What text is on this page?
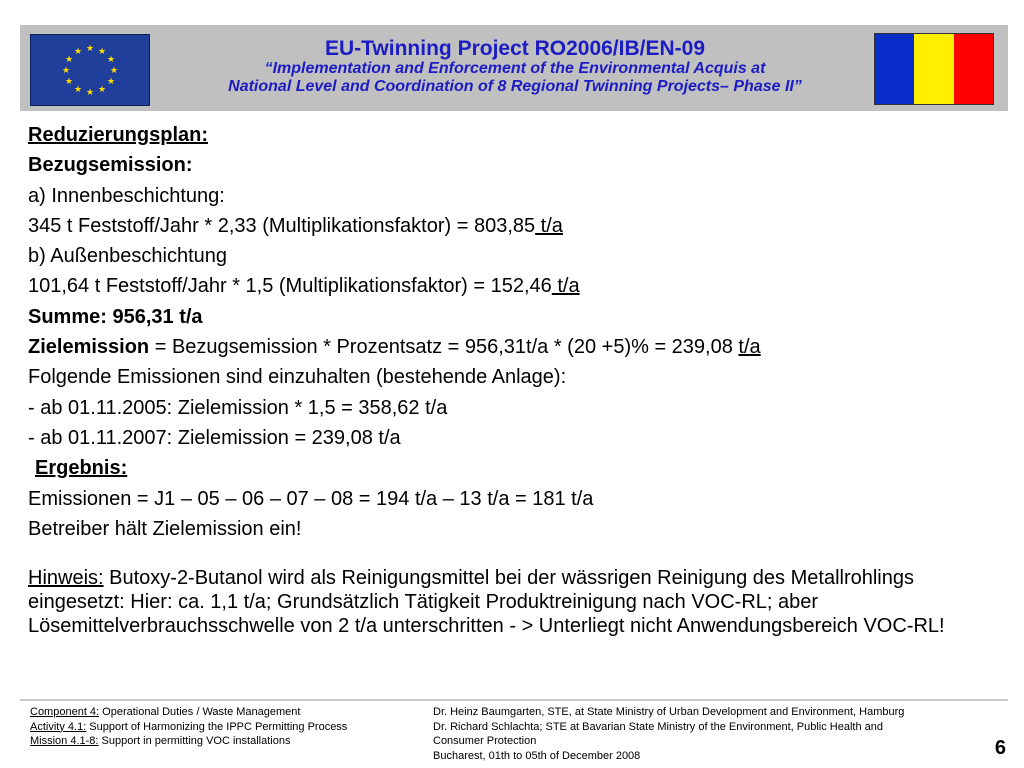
★ ★
★
★
★
★
★
★
★
★
★
★	EU-Twinning Project RO2006/IB/EN-09
“Implementation and Enforcement of the Environmental Acquis at
National Level and Coordination of 8 Regional Twinning Projects– Phase II”
Reduzierungsplan:
Bezugsemission:
a) Innenbeschichtung:
345 t Feststoff/Jahr * 2,33 (Multiplikationsfaktor) = 803,85 t/a
b) Außenbeschichtung
101,64 t Feststoff/Jahr * 1,5 (Multiplikationsfaktor) = 152,46 t/a
Summe: 956,31 t/a
Zielemission = Bezugsemission * Prozentsatz = 956,31t/a * (20 +5)% = 239,08 t/a
Folgende Emissionen sind einzuhalten (bestehende Anlage):
- ab 01.11.2005: Zielemission * 1,5 = 358,62 t/a
- ab 01.11.2007: Zielemission = 239,08 t/a
Ergebnis:
Emissionen = J1 – 05 – 06 – 07 – 08 = 194 t/a – 13 t/a = 181 t/a
Betreiber hält Zielemission ein!
Hinweis: Butoxy-2-Butanol wird als Reinigungsmittel bei der wässrigen Reinigung des Metallrohlings eingesetzt: Hier: ca. 1,1 t/a; Grundsätzlich Tätigkeit Produktreinigung nach VOC-RL; aber Lösemittelverbrauchsschwelle von 2 t/a unterschritten - > Unterliegt nicht Anwendungsbereich VOC-RL!
Component 4: Operational Duties / Waste Management
Activity 4.1: Support of Harmonizing the IPPC Permitting Process
Mission 4.1-8: Support in permitting VOC installations
Dr. Heinz Baumgarten, STE, at State Ministry of Urban Development and Environment, Hamburg
Dr. Richard Schlachta; STE at Bavarian State Ministry of the Environment, Public Health and
Consumer Protection
Bucharest, 01th to 05th of December 2008	6
